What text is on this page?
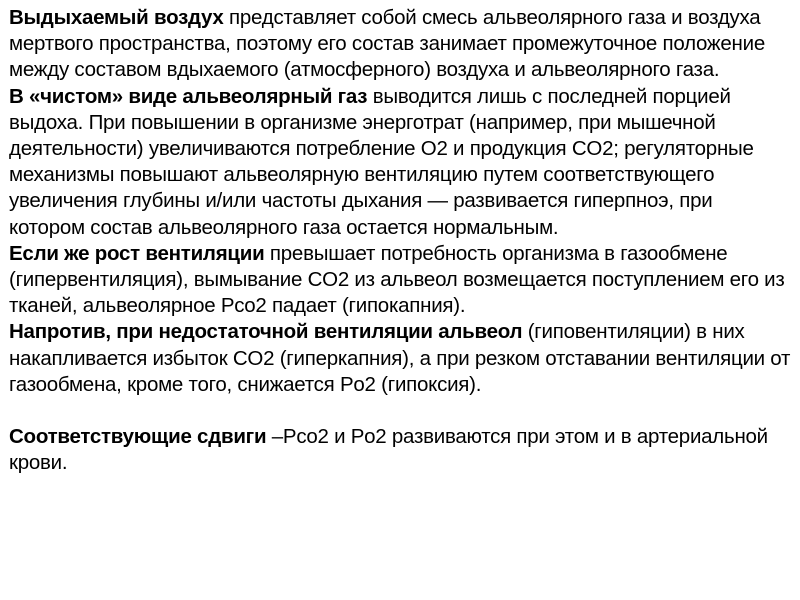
Выдыхаемый воздух представляет собой смесь альвеолярного газа и воздуха мертвого пространства, поэтому его состав занимает промежуточное положение между составом вдыхаемого (атмосферного) воздуха и альвеолярного газа.

В «чистом» виде альвеолярный газ выводится лишь с последней порцией выдоха. При повышении в организме энерготрат (например, при мышечной деятельности) увеличиваются потребление O2 и продукция CO2; регуляторные механизмы повышают альвеолярную вентиляцию путем соответствующего увеличения глубины и/или частоты дыхания — развивается гиперпноэ, при котором состав альвеолярного газа остается нормальным.

Если же рост вентиляции превышает потребность организма в газообмене (гипервентиляция), вымывание CO2 из альвеол возмещается поступлением его из тканей, альвеолярное Pco2 падает (гипокапния).

Напротив, при недостаточной вентиляции альвеол (гиповентиляции) в них накапливается избыток CO2 (гиперкапния), а при резком отставании вентиляции от газообмена, кроме того, снижается Po2 (гипоксия).

Соответствующие сдвиги –Pco2 и Po2 развиваются при этом и в артериальной крови.
